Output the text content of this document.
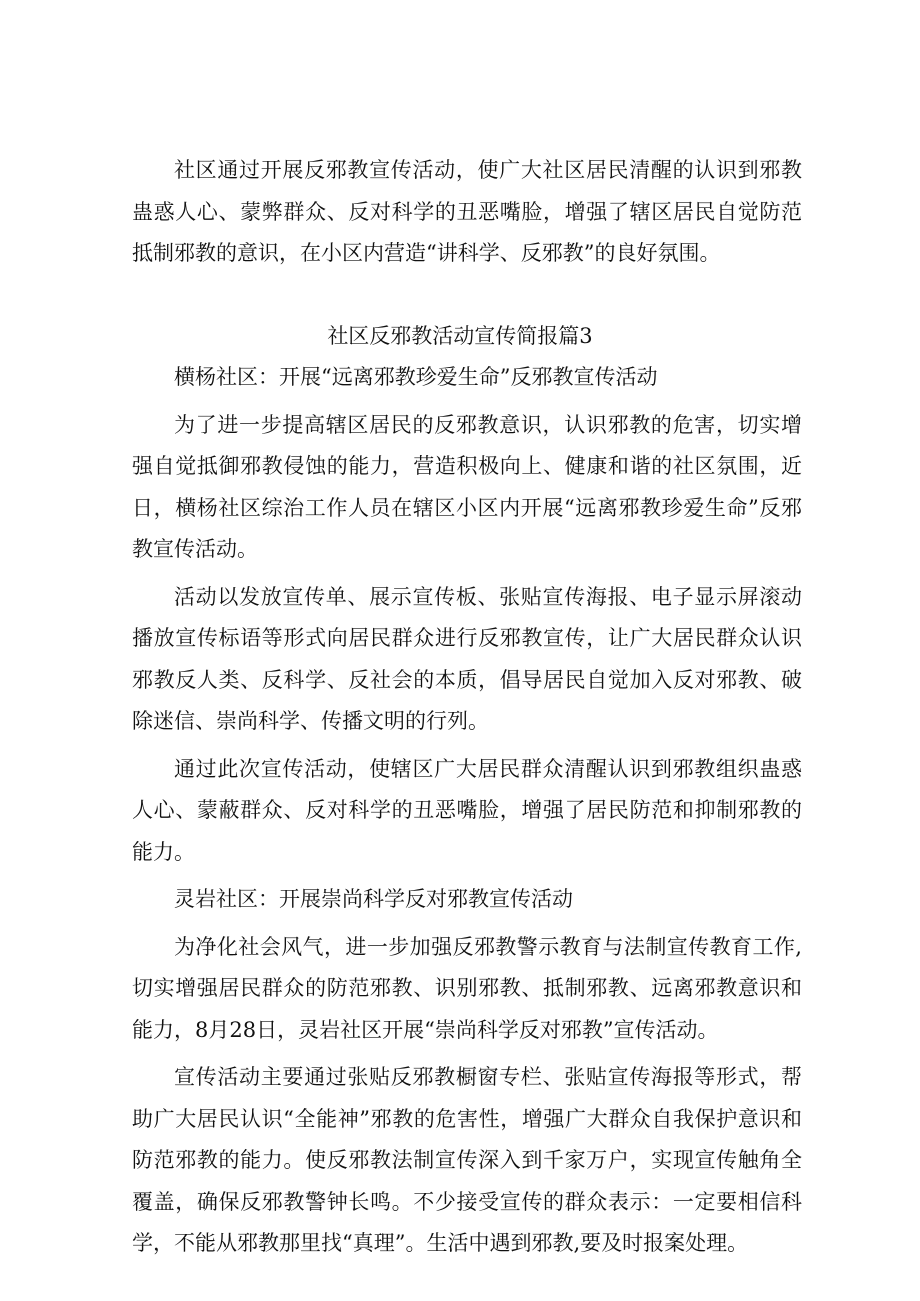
社区通过开展反邪教宣传活动，使广大社区居民清醒的认识到邪教蛊惑人心、蒙弊群众、反对科学的丑恶嘴脸，增强了辖区居民自觉防范抵制邪教的意识，在小区内营造“讲科学、反邪教”的良好氛围。

社区反邪教活动宣传简报篇3

横杨社区：开展“远离邪教珍爱生命”反邪教宣传活动

为了进一步提高辖区居民的反邪教意识，认识邪教的危害，切实增强自觉抵御邪教侵蚀的能力，营造积极向上、健康和谐的社区氛围，近日，横杨社区综治工作人员在辖区小区内开展“远离邪教珍爱生命”反邪教宣传活动。

活动以发放宣传单、展示宣传板、张贴宣传海报、电子显示屏滚动播放宣传标语等形式向居民群众进行反邪教宣传，让广大居民群众认识邪教反人类、反科学、反社会的本质，倡导居民自觉加入反对邪教、破除迷信、崇尚科学、传播文明的行列。

通过此次宣传活动，使辖区广大居民群众清醒认识到邪教组织蛊惑人心、蒙蔽群众、反对科学的丑恶嘴脸，增强了居民防范和抑制邪教的能力。

灵岩社区：开展崇尚科学反对邪教宣传活动

为净化社会风气，进一步加强反邪教警示教育与法制宣传教育工作,切实增强居民群众的防范邪教、识别邪教、抵制邪教、远离邪教意识和能力，8月28日，灵岩社区开展“崇尚科学反对邪教”宣传活动。

宣传活动主要通过张贴反邪教橱窗专栏、张贴宣传海报等形式，帮助广大居民认识“全能神”邪教的危害性，增强广大群众自我保护意识和防范邪教的能力。使反邪教法制宣传深入到千家万户，实现宣传触角全覆盖，确保反邪教警钟长鸣。不少接受宣传的群众表示：一定要相信科学，不能从邪教那里找“真理”。生活中遇到邪教,要及时报案处理。
